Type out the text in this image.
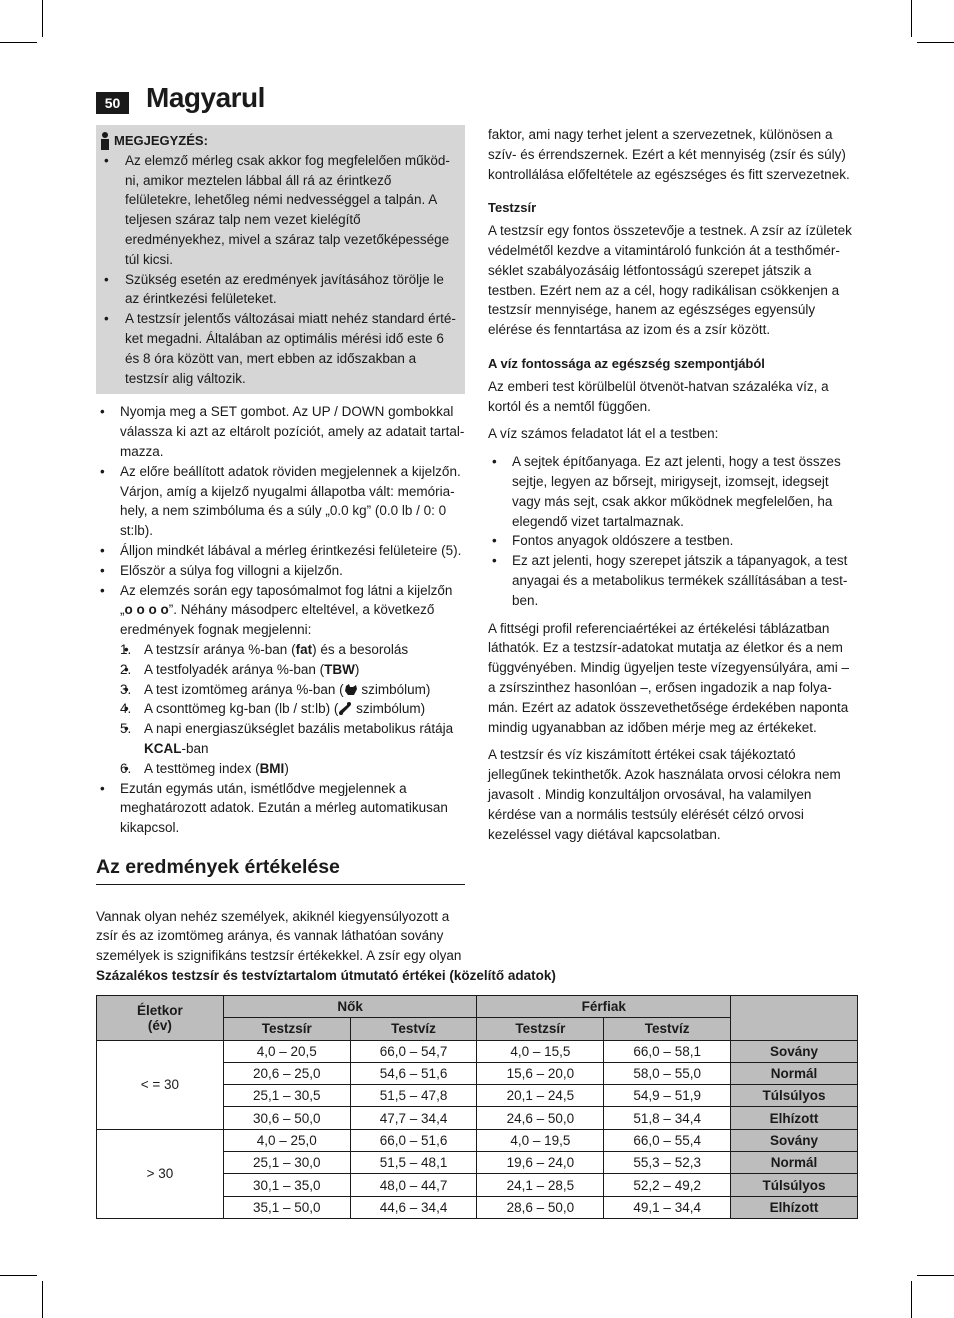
50 Magyarul
MEGJEGYZÉS:
• Az elemző mérleg csak akkor fog megfelelően működ-ni, amikor meztelen lábbal áll rá az érintkező felületekre, lehetőleg némi nedvességgel a talpán. A teljesen száraz talp nem vezet kielégítő eredményekhez, mivel a száraz talp vezetőképessége túl kicsi.
• Szükség esetén az eredmények javításához törölje le az érintkezési felületeket.
• A testzsír jelentős változásai miatt nehéz standard érté-ket megadni. Általában az optimális mérési idő este 6 és 8 óra között van, mert ebben az időszakban a testzsír alig változik.
• Nyomja meg a SET gombot. Az UP / DOWN gombokkal válassza ki azt az eltárolt pozíciót, amely az adatait tartal-mazza.
• Az előre beállított adatok röviden megjelennek a kijelzőn. Várjon, amíg a kijelző nyugalmi állapotba vált: memória-hely, a nem szimbóluma és a súly „0.0 kg” (0.0 lb / 0: 0 st:lb).
• Álljon mindkét lábával a mérleg érintkezési felületeire (5).
• Először a súlya fog villogni a kijelzőn.
• Az elemzés során egy taposómalmot fog látni a kijelzőn „o o o o”. Néhány másodperc elteltével, a következő eredmények fognak megjelenni:
• 1. A testzsír aránya %-ban (fat) és a besorolás
• 2. A testfolyadék aránya %-ban (TBW)
• 3. A test izomtömeg aránya %-ban ( szimbólum)
• 4. A csonttömeg kg-ban (lb / st:lb) ( szimbólum)
• 5. A napi energiaszükséglet bazális metabolikus rátája KCAL-ban
• 6. A testtömeg index (BMI)
• Ezután egymás után, ismétlődve megjelennek a meghatározott adatok. Ezután a mérleg automatikusan kikapcsol.
Az eredmények értékelése

Vannak olyan nehéz személyek, akiknél kiegyensúlyozott a zsír és az izomtömeg aránya, és vannak láthatóan sovány személyek is szignifikáns testzsír értékekkel. A zsír egy olyan

faktor, ami nagy terhet jelent a szervezetnek, különösen a szív- és érrendszernek. Ezért a két mennyiség (zsír és súly) kontrollálása előfeltétele az egészséges és fitt szervezetnek.

Testzsír

A testzsír egy fontos összetevője a testnek. A zsír az ízületek védelmétől kezdve a vitamintároló funkción át a testhőmér-séklet szabályozásáig létfontosságú szerepet játszik a testben. Ezért nem az a cél, hogy radikálisan csökkenjen a testzsír mennyisége, hanem az egészséges egyensúly elérése és fenntartása az izom és a zsír között.

A víz fontossága az egészség szempontjából

Az emberi test körülbelül ötvenöt-hatvan százaléka víz, a kortól és a nemtől függően.

A víz számos feladatot lát el a testben:

• A sejtek építőanyaga. Ez azt jelenti, hogy a test összes sejtje, legyen az bőrsejt, mirigysejt, izomsejt, idegsejt vagy más sejt, csak akkor működnek megfelelően, ha elegendő vizet tartalmaznak.
• Fontos anyagok oldószere a testben.
• Ez azt jelenti, hogy szerepet játszik a tápanyagok, a test anyagai és a metabolikus termékek szállításában a test-ben.

A fittségi profil referenciaértékei az értékelési táblázatban láthatók. Ez a testzsír-adatokat mutatja az életkor és a nem függvényében. Mindig ügyeljen teste vízegyensúlyára, ami – a zsírszinthez hasonlóan –, erősen ingadozik a nap folya-mán. Ezért az adatok összevethetősége érdekében naponta mindig ugyanabban az időben mérje meg az értékeket.

A testzsír és víz kiszámított értékei csak tájékoztató jellegűnek tekinthetők. Azok használata orvosi célokra nem javasolt . Mindig konzultáljon orvosával, ha valamilyen kérdése van a normális testsúly elérését célzó orvosi kezeléssel vagy diétával kapcsolatban.

Százalékos testzsír és testvíztartalom útmutató értékei (közelítő adatok)
Életkor
(év)	Nők		Férfiak		
	Testzsír	Testvíz	Testzsír	Testvíz	
< = 30	4,0 – 20,5	66,0 – 54,7	4,0 – 15,5	66,0 – 58,1	Sovány
	20,6 – 25,0	54,6 – 51,6	15,6 – 20,0	58,0 – 55,0	Normál
	25,1 – 30,5	51,5 – 47,8	20,1 – 24,5	54,9 – 51,9	Túlsúlyos
	30,6 – 50,0	47,7 – 34,4	24,6 – 50,0	51,8 – 34,4	Elhízott
> 30	4,0 – 25,0	66,0 – 51,6	4,0 – 19,5	66,0 – 55,4	Sovány
	25,1 – 30,0	51,5 – 48,1	19,6 – 24,0	55,3 – 52,3	Normál
	30,1 – 35,0	48,0 – 44,7	24,1 – 28,5	52,2 – 49,2	Túlsúlyos
	35,1 – 50,0	44,6 – 34,4	28,6 – 50,0	49,1 – 34,4	Elhízott
